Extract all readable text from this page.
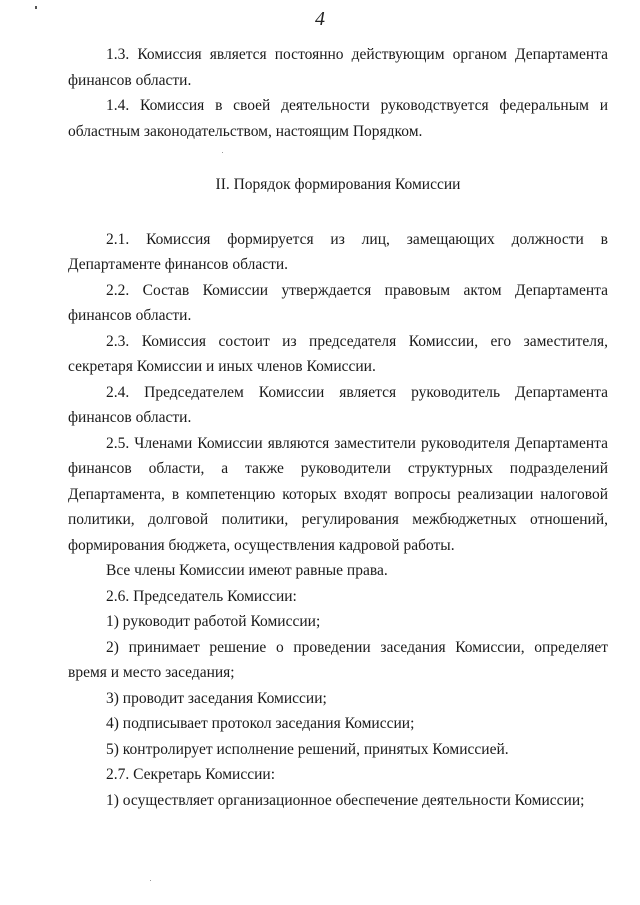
4

1.3. Комиссия является постоянно действующим органом Департамента финансов области.

1.4. Комиссия в своей деятельности руководствуется федеральным и областным законодательством, настоящим Порядком.

II. Порядок формирования Комиссии

2.1. Комиссия формируется из лиц, замещающих должности в Департаменте финансов области.

2.2. Состав Комиссии утверждается правовым актом Департамента финансов области.

2.3. Комиссия состоит из председателя Комиссии, его заместителя, секретаря Комиссии и иных членов Комиссии.

2.4. Председателем Комиссии является руководитель Департамента финансов области.

2.5. Членами Комиссии являются заместители руководителя Департамента финансов области, а также руководители структурных подразделений Департамента, в компетенцию которых входят вопросы реализации налоговой политики, долговой политики, регулирования межбюджетных отношений, формирования бюджета, осуществления кадровой работы.

Все члены Комиссии имеют равные права.

2.6. Председатель Комиссии:

1) руководит работой Комиссии;

2) принимает решение о проведении заседания Комиссии, определяет время и место заседания;

3) проводит заседания Комиссии;

4) подписывает протокол заседания Комиссии;

5) контролирует исполнение решений, принятых Комиссией.

2.7. Секретарь Комиссии:

1) осуществляет организационное обеспечение деятельности Комиссии;
